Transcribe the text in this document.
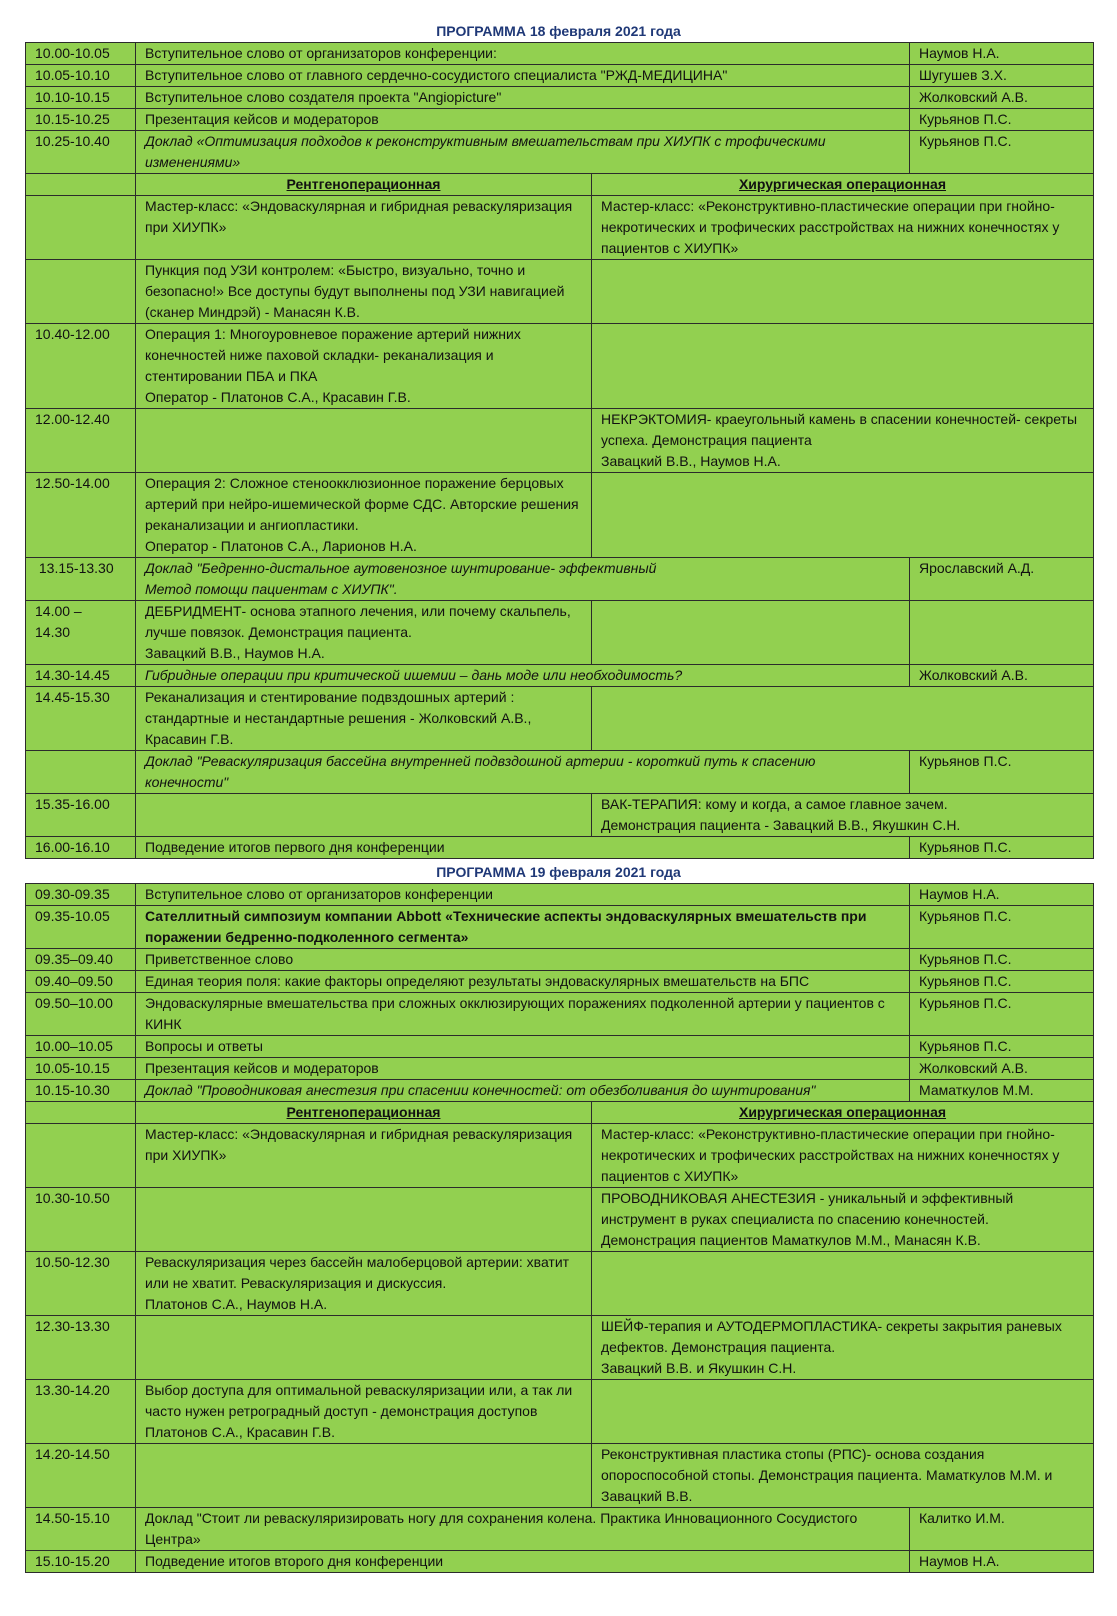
ПРОГРАММА 18 февраля 2021 года
10.00-10.05	Вступительное слово от организаторов конференции:		Наумов Н.А.
10.05-10.10	Вступительное слово от главного сердечно-сосудистого специалиста "РЖД-МЕДИЦИНА"		Шугушев З.Х.
10.10-10.15	Вступительное слово создателя проекта "Angiopicture"		Жолковский А.В.
10.15-10.25	Презентация кейсов и модераторов		Курьянов П.С.
10.25-10.40	Доклад «Оптимизация подходов к реконструктивным вмешательствам при ХИУПК с трофическими изменениями»		Курьянов П.С.
	Рентгеноперационная	Хирургическая операционная	
	Мастер-класс: «Эндоваскулярная и гибридная реваскуляризация при ХИУПК»	Мастер-класс: «Реконструктивно-пластические операции при гнойно-некротических и трофических расстройствах на нижних конечностях у пациентов с ХИУПК»	
	Пункция под УЗИ контролем: «Быстро, визуально, точно и безопасно!» Все доступы будут выполнены под УЗИ навигацией (сканер Миндрэй) - Манасян К.В.		
10.40-12.00	Операция 1: Многоуровневое поражение артерий нижних конечностей ниже паховой складки- реканализация и стентировании ПБА и ПКА
Оператор - Платонов С.А., Красавин Г.В.		
12.00-12.40		НЕКРЭКТОМИЯ- краеугольный камень в спасении конечностей- секреты успеха. Демонстрация пациента
Завацкий В.В., Наумов Н.А.	
12.50-14.00	Операция 2: Сложное стеноокклюзионное поражение берцовых артерий при нейро-ишемической форме СДС. Авторские решения реканализации и ангиопластики.
Оператор - Платонов С.А., Ларионов Н.А.		
13.15-13.30	Доклад "Бедренно-дистальное аутовенозное шунтирование- эффективный
Метод помощи пациентам с ХИУПК".		Ярославский А.Д.
14.00 –
14.30	ДЕБРИДМЕНТ- основа этапного лечения, или почему скальпель, лучше повязок. Демонстрация пациента.
Завацкий В.В., Наумов Н.А.		
14.30-14.45	Гибридные операции при критической ишемии – дань моде или необходимость?		Жолковский А.В.
14.45-15.30	Реканализация и стентирование подвздошных артерий : стандартные и нестандартные решения - Жолковский А.В., Красавин Г.В.		
	Доклад "Реваскуляризация бассейна внутренней подвздошной артерии - короткий путь к спасению конечности"		Курьянов П.С.
15.35-16.00		ВАК-ТЕРАПИЯ: кому и когда, а самое главное зачем.
Демонстрация пациента - Завацкий В.В., Якушкин С.Н.	
16.00-16.10	Подведение итогов первого дня конференции		Курьянов П.С.
ПРОГРАММА 19 февраля 2021 года
09.30-09.35	Вступительное слово от организаторов конференции		Наумов Н.А.
09.35-10.05	Сателлитный симпозиум компании Abbott «Технические аспекты эндоваскулярных вмешательств при поражении бедренно-подколенного сегмента»		Курьянов П.С.
09.35–09.40	Приветственное слово		Курьянов П.С.
09.40–09.50	Единая теория поля: какие факторы определяют результаты эндоваскулярных вмешательств на БПС		Курьянов П.С.
09.50–10.00	Эндоваскулярные вмешательства при сложных окклюзирующих поражениях подколенной артерии у пациентов с КИНК		Курьянов П.С.
10.00–10.05	Вопросы и ответы		Курьянов П.С.
10.05-10.15	Презентация кейсов и модераторов		Жолковский А.В.
10.15-10.30	Доклад "Проводниковая анестезия при спасении конечностей: от обезболивания до шунтирования"		Маматкулов М.М.
	Рентгеноперационная	Хирургическая операционная	
	Мастер-класс: «Эндоваскулярная и гибридная реваскуляризация при ХИУПК»	Мастер-класс: «Реконструктивно-пластические операции при гнойно-некротических и трофических расстройствах на нижних конечностях у пациентов с ХИУПК»	
10.30-10.50		ПРОВОДНИКОВАЯ АНЕСТЕЗИЯ - уникальный и эффективный инструмент в руках специалиста по спасению конечностей. Демонстрация пациентов Маматкулов М.М., Манасян К.В.	
10.50-12.30	Реваскуляризация через бассейн малоберцовой артерии: хватит или не хватит. Реваскуляризация и дискуссия.
Платонов С.А., Наумов Н.А.		
12.30-13.30		ШЕЙФ-терапия и АУТОДЕРМОПЛАСТИКА- секреты закрытия раневых дефектов. Демонстрация пациента.
Завацкий В.В. и Якушкин С.Н.	
13.30-14.20	Выбор доступа для оптимальной реваскуляризации или, а так ли часто нужен ретроградный доступ - демонстрация доступов Платонов С.А., Красавин Г.В.		
14.20-14.50		Реконструктивная пластика стопы (РПС)- основа создания опороспособной стопы. Демонстрация пациента. Маматкулов М.М. и Завацкий В.В.	
14.50-15.10	Доклад "Стоит ли реваскуляризировать ногу для сохранения колена. Практика Инновационного Сосудистого Центра»		Калитко И.М.
15.10-15.20	Подведение итогов второго дня конференции		Наумов Н.А.
